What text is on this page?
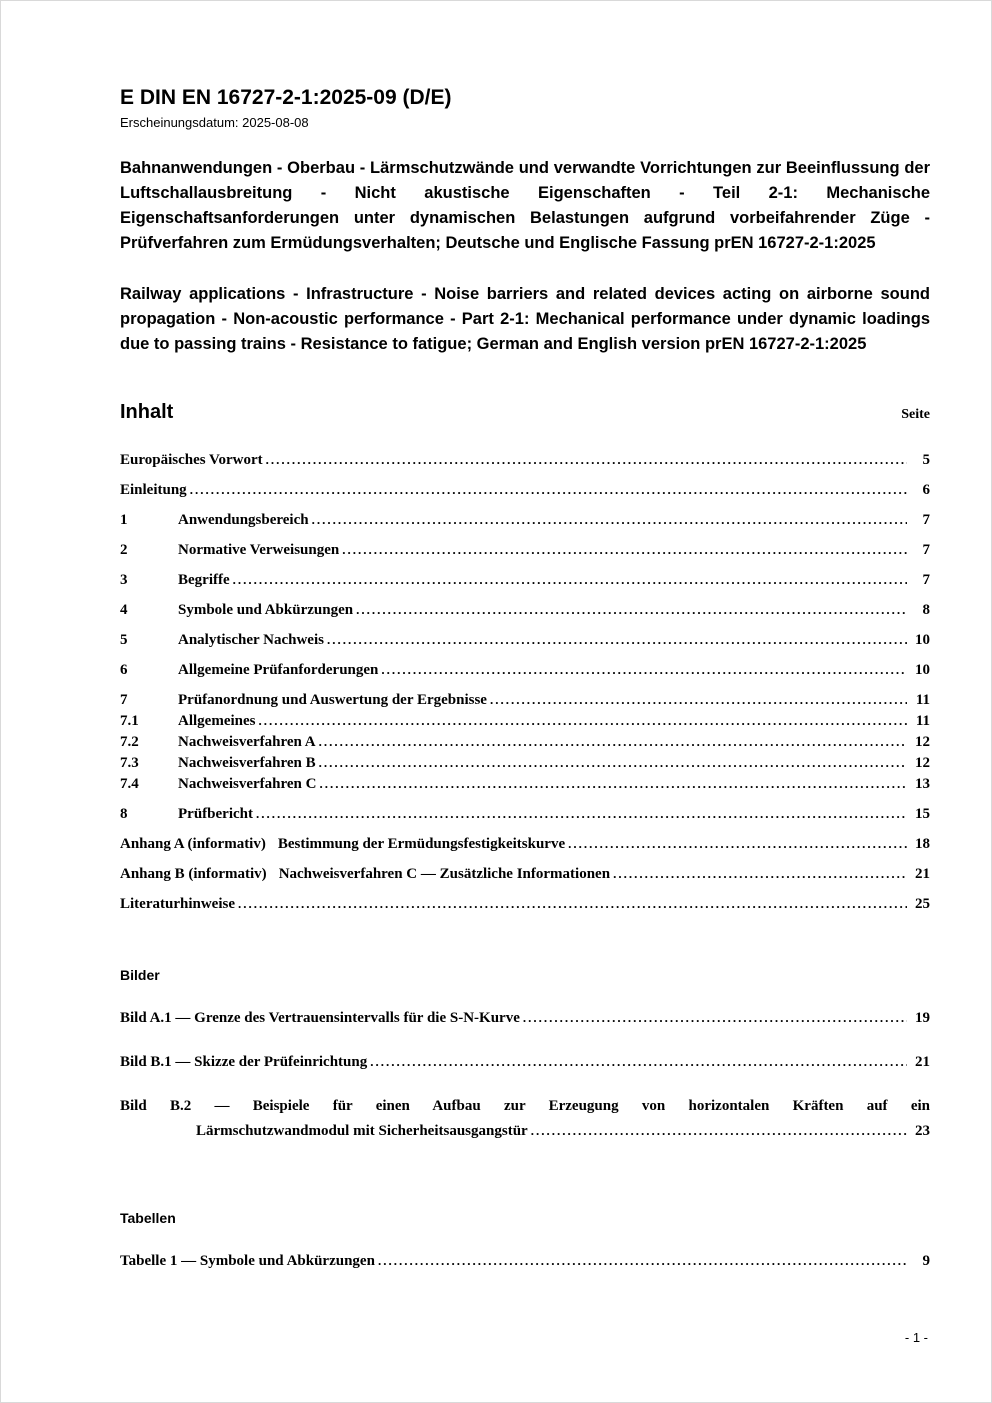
E DIN EN 16727-2-1:2025-09 (D/E)
Erscheinungsdatum: 2025-08-08
Bahnanwendungen - Oberbau - Lärmschutzwände und verwandte Vorrichtungen zur Beeinflussung der Luftschallausbreitung - Nicht akustische Eigenschaften - Teil 2-1: Mechanische Eigenschaftsanforderungen unter dynamischen Belastungen aufgrund vorbeifahrender Züge - Prüfverfahren zum Ermüdungsverhalten; Deutsche und Englische Fassung prEN 16727-2-1:2025
Railway applications - Infrastructure - Noise barriers and related devices acting on airborne sound propagation - Non-acoustic performance - Part 2-1: Mechanical performance under dynamic loadings due to passing trains - Resistance to fatigue; German and English version prEN 16727-2-1:2025
Inhalt	Seite
Europäisches Vorwort .....	5
Einleitung .....	6
1	Anwendungsbereich .....	7
2	Normative Verweisungen .....	7
3	Begriffe .....	7
4	Symbole und Abkürzungen .....	8
5	Analytischer Nachweis .....	10
6	Allgemeine Prüfanforderungen .....	10
7	Prüfanordnung und Auswertung der Ergebnisse .....	11
7.1	Allgemeines .....	11
7.2	Nachweisverfahren A .....	12
7.3	Nachweisverfahren B .....	12
7.4	Nachweisverfahren C .....	13
8	Prüfbericht .....	15
Anhang A (informativ) Bestimmung der Ermüdungsfestigkeitskurve .....	18
Anhang B (informativ) Nachweisverfahren C — Zusätzliche Informationen .....	21
Literaturhinweise .....	25
Bilder
Bild A.1 — Grenze des Vertrauensintervalls für die S-N-Kurve .....	19
Bild B.1 — Skizze der Prüfeinrichtung .....	21
Bild B.2 — Beispiele für einen Aufbau zur Erzeugung von horizontalen Kräften auf ein
Lärmschutzwandmodul mit Sicherheitsausgangstür .....	23
Tabellen
Tabelle 1 — Symbole und Abkürzungen .....	9
- 1 -
